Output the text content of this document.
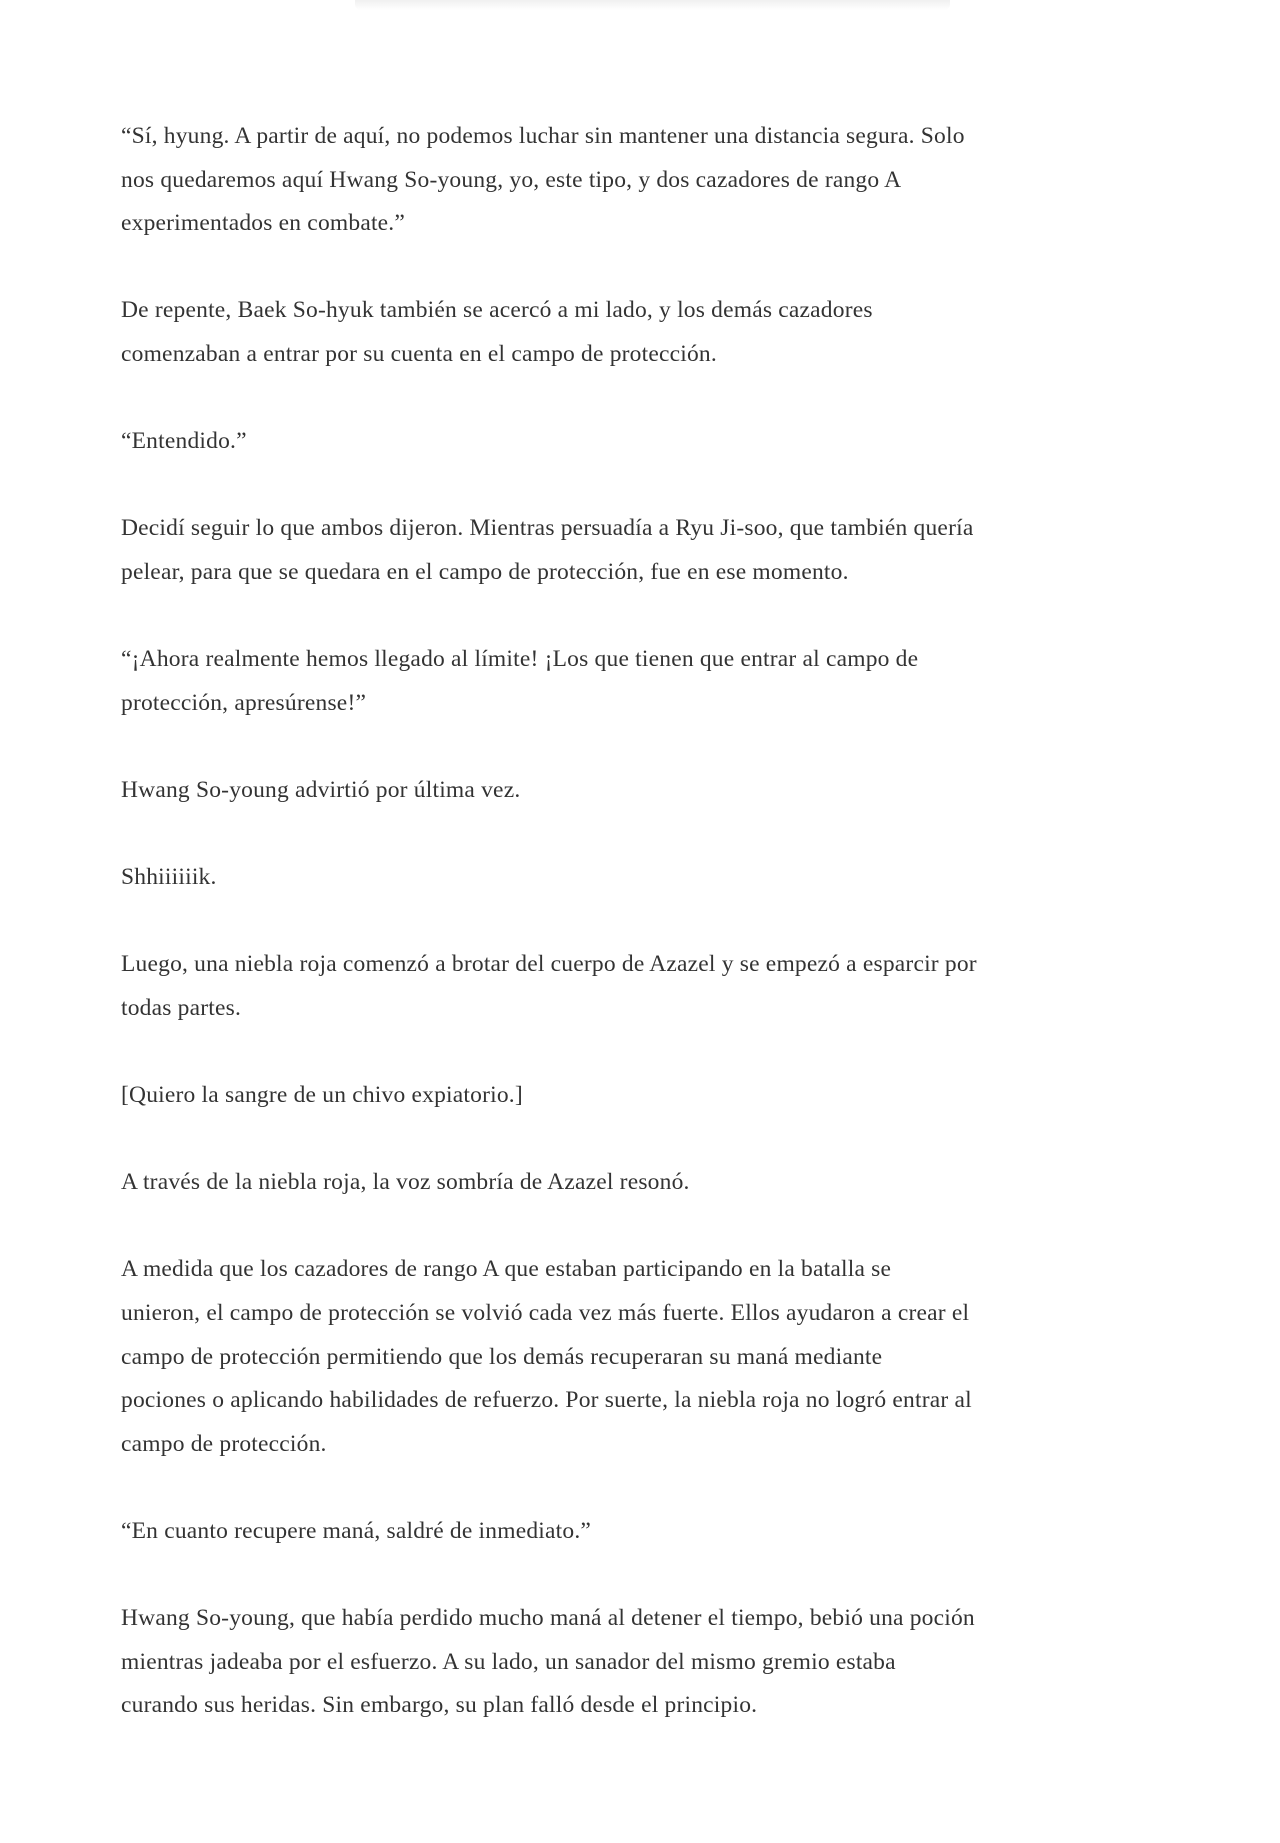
“Sí, hyung. A partir de aquí, no podemos luchar sin mantener una distancia segura. Solo
nos quedaremos aquí Hwang So-young, yo, este tipo, y dos cazadores de rango A
experimentados en combate.”

De repente, Baek So-hyuk también se acercó a mi lado, y los demás cazadores
comenzaban a entrar por su cuenta en el campo de protección.

“Entendido.”

Decidí seguir lo que ambos dijeron. Mientras persuadía a Ryu Ji-soo, que también quería
pelear, para que se quedara en el campo de protección, fue en ese momento.

“¡Ahora realmente hemos llegado al límite! ¡Los que tienen que entrar al campo de
protección, apresúrense!”

Hwang So-young advirtió por última vez.

Shhiiiiiik.

Luego, una niebla roja comenzó a brotar del cuerpo de Azazel y se empezó a esparcir por
todas partes.

[Quiero la sangre de un chivo expiatorio.]

A través de la niebla roja, la voz sombría de Azazel resonó.

A medida que los cazadores de rango A que estaban participando en la batalla se
unieron, el campo de protección se volvió cada vez más fuerte. Ellos ayudaron a crear el
campo de protección permitiendo que los demás recuperaran su maná mediante
pociones o aplicando habilidades de refuerzo. Por suerte, la niebla roja no logró entrar al
campo de protección.

“En cuanto recupere maná, saldré de inmediato.”

Hwang So-young, que había perdido mucho maná al detener el tiempo, bebió una poción
mientras jadeaba por el esfuerzo. A su lado, un sanador del mismo gremio estaba
curando sus heridas. Sin embargo, su plan falló desde el principio.
